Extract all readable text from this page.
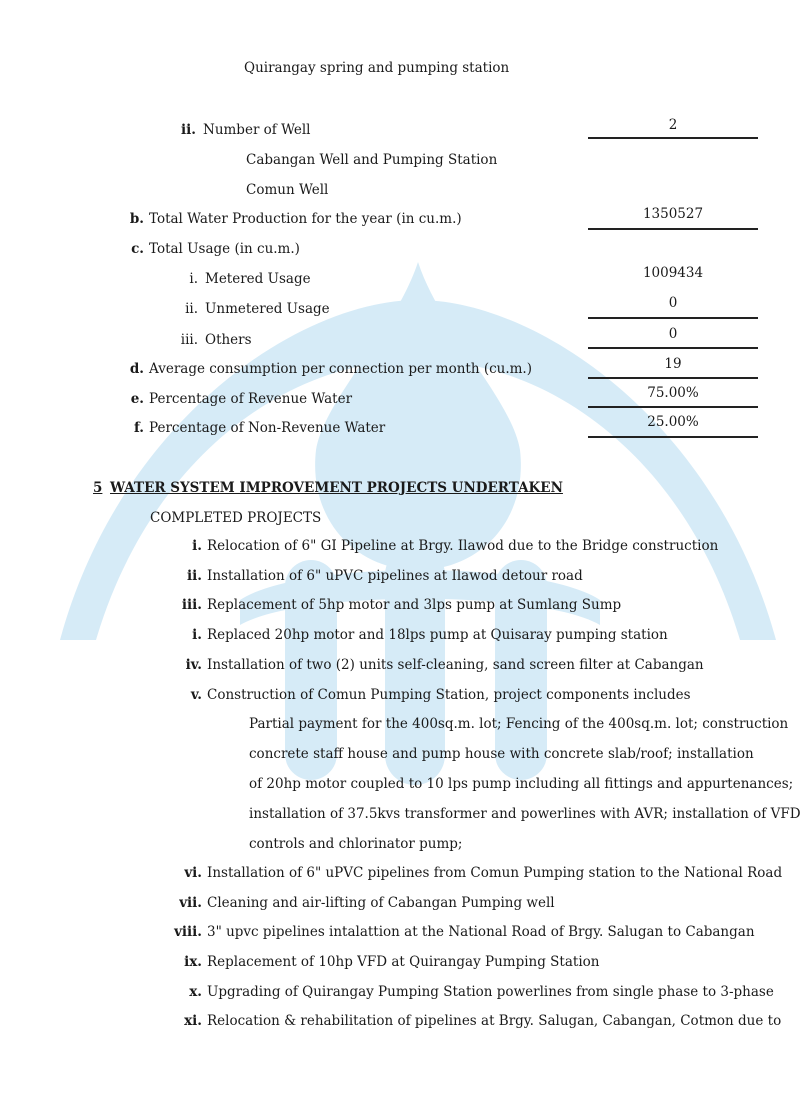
Quirangay spring and pumping station
ii. Number of Well	2
Cabangan Well and Pumping Station
Comun Well
b. Total Water Production for the year (in cu.m.)	1350527
c. Total Usage (in cu.m.)
i. Metered Usage	1009434
ii. Unmetered Usage	0
iii. Others	0
d. Average consumption per connection per month (cu.m.)	19
e. Percentage of Revenue Water	75.00%
f. Percentage of Non-Revenue Water	25.00%
5 WATER SYSTEM IMPROVEMENT PROJECTS UNDERTAKEN
COMPLETED PROJECTS
i. Relocation of 6" GI Pipeline at Brgy. Ilawod due to the Bridge construction
ii. Installation of 6" uPVC pipelines at Ilawod detour road
iii. Replacement of 5hp motor and 3lps pump at Sumlang Sump
i. Replaced 20hp motor and 18lps pump at Quisaray pumping station
iv. Installation of two (2) units self-cleaning, sand screen filter at Cabangan
v. Construction of Comun Pumping Station, project components includes
Partial payment for the 400sq.m. lot; Fencing of the 400sq.m. lot; construction
concrete staff house and pump house with concrete slab/roof; installation
of 20hp motor coupled to 10 lps pump including all fittings and appurtenances;
installation of 37.5kvs transformer and powerlines with AVR; installation of VFD
controls and chlorinator pump;
vi. Installation of 6" uPVC pipelines from Comun Pumping station to the National Road
vii. Cleaning and air-lifting of Cabangan Pumping well
viii. 3" upvc pipelines intalattion at the National Road of Brgy. Salugan to Cabangan
ix. Replacement of 10hp VFD at Quirangay Pumping Station
x. Upgrading of Quirangay Pumping Station powerlines from single phase to 3-phase
xi. Relocation & rehabilitation of pipelines at Brgy. Salugan, Cabangan, Cotmon due to
